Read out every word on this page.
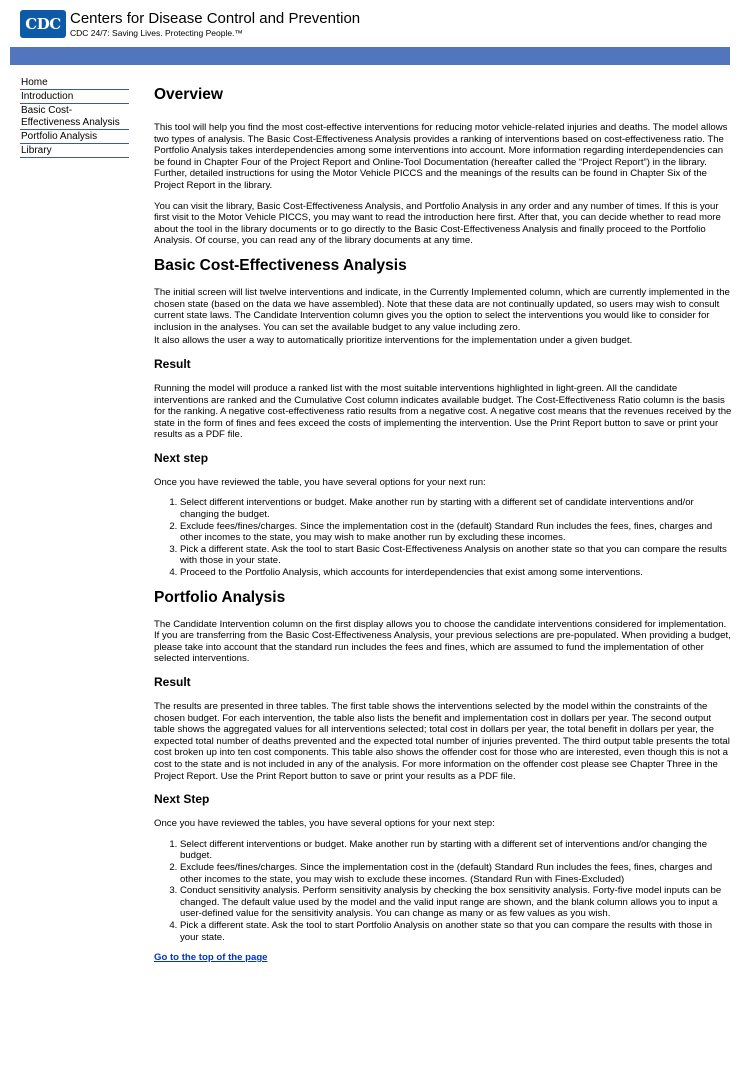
CDC Centers for Disease Control and Prevention
CDC 24/7: Saving Lives. Protecting People.™
Home
Introduction
Basic Cost-Effectiveness Analysis
Portfolio Analysis
Library
Overview

This tool will help you find the most cost-effective interventions for reducing motor vehicle-related injuries and deaths. The model allows two types of analysis. The Basic Cost-Effectiveness Analysis provides a ranking of interventions based on cost-effectiveness ratio. The Portfolio Analysis takes interdependencies among some interventions into account. More information regarding interdependencies can be found in Chapter Four of the Project Report and Online-Tool Documentation (hereafter called the “Project Report”) in the library. Further, detailed instructions for using the Motor Vehicle PICCS and the meanings of the results can be found in Chapter Six of the Project Report in the library.

You can visit the library, Basic Cost-Effectiveness Analysis, and Portfolio Analysis in any order and any number of times. If this is your first visit to the Motor Vehicle PICCS, you may want to read the introduction here first. After that, you can decide whether to read more about the tool in the library documents or to go directly to the Basic Cost-Effectiveness Analysis and finally proceed to the Portfolio Analysis. Of course, you can read any of the library documents at any time.

Basic Cost-Effectiveness Analysis

The initial screen will list twelve interventions and indicate, in the Currently Implemented column, which are currently implemented in the chosen state (based on the data we have assembled). Note that these data are not continually updated, so users may wish to consult current state laws. The Candidate Intervention column gives you the option to select the interventions you would like to consider for inclusion in the analyses. You can set the available budget to any value including zero.

It also allows the user a way to automatically prioritize interventions for the implementation under a given budget.

Result

Running the model will produce a ranked list with the most suitable interventions highlighted in light-green. All the candidate interventions are ranked and the Cumulative Cost column indicates available budget. The Cost-Effectiveness Ratio column is the basis for the ranking. A negative cost-effectiveness ratio results from a negative cost. A negative cost means that the revenues received by the state in the form of fines and fees exceed the costs of implementing the intervention. Use the Print Report button to save or print your results as a PDF file.

Next step

Once you have reviewed the table, you have several options for your next run:

1. Select different interventions or budget. Make another run by starting with a different set of candidate interventions and/or changing the budget.
2. Exclude fees/fines/charges. Since the implementation cost in the (default) Standard Run includes the fees, fines, charges and other incomes to the state, you may wish to make another run by excluding these incomes.
3. Pick a different state. Ask the tool to start Basic Cost-Effectiveness Analysis on another state so that you can compare the results with those in your state.
4. Proceed to the Portfolio Analysis, which accounts for interdependencies that exist among some interventions.
Portfolio Analysis

The Candidate Intervention column on the first display allows you to choose the candidate interventions considered for implementation. If you are transferring from the Basic Cost-Effectiveness Analysis, your previous selections are pre-populated. When providing a budget, please take into account that the standard run includes the fees and fines, which are assumed to fund the implementation of other selected interventions.

Result

The results are presented in three tables. The first table shows the interventions selected by the model within the constraints of the chosen budget. For each intervention, the table also lists the benefit and implementation cost in dollars per year. The second output table shows the aggregated values for all interventions selected; total cost in dollars per year, the total benefit in dollars per year, the expected total number of deaths prevented and the expected total number of injuries prevented. The third output table presents the total cost broken up into ten cost components. This table also shows the offender cost for those who are interested, even though this is not a cost to the state and is not included in any of the analysis. For more information on the offender cost please see Chapter Three in the Project Report. Use the Print Report button to save or print your results as a PDF file.

Next Step

Once you have reviewed the tables, you have several options for your next step:

1. Select different interventions or budget. Make another run by starting with a different set of interventions and/or changing the budget.
2. Exclude fees/fines/charges. Since the implementation cost in the (default) Standard Run includes the fees, fines, charges and other incomes to the state, you may wish to exclude these incomes. (Standard Run with Fines-Excluded)
3. Conduct sensitivity analysis. Perform sensitivity analysis by checking the box sensitivity analysis. Forty-five model inputs can be changed. The default value used by the model and the valid input range are shown, and the blank column allows you to input a user-defined value for the sensitivity analysis. You can change as many or as few values as you wish.
4. Pick a different state. Ask the tool to start Portfolio Analysis on another state so that you can compare the results with those in your state.
Go to the top of the page
